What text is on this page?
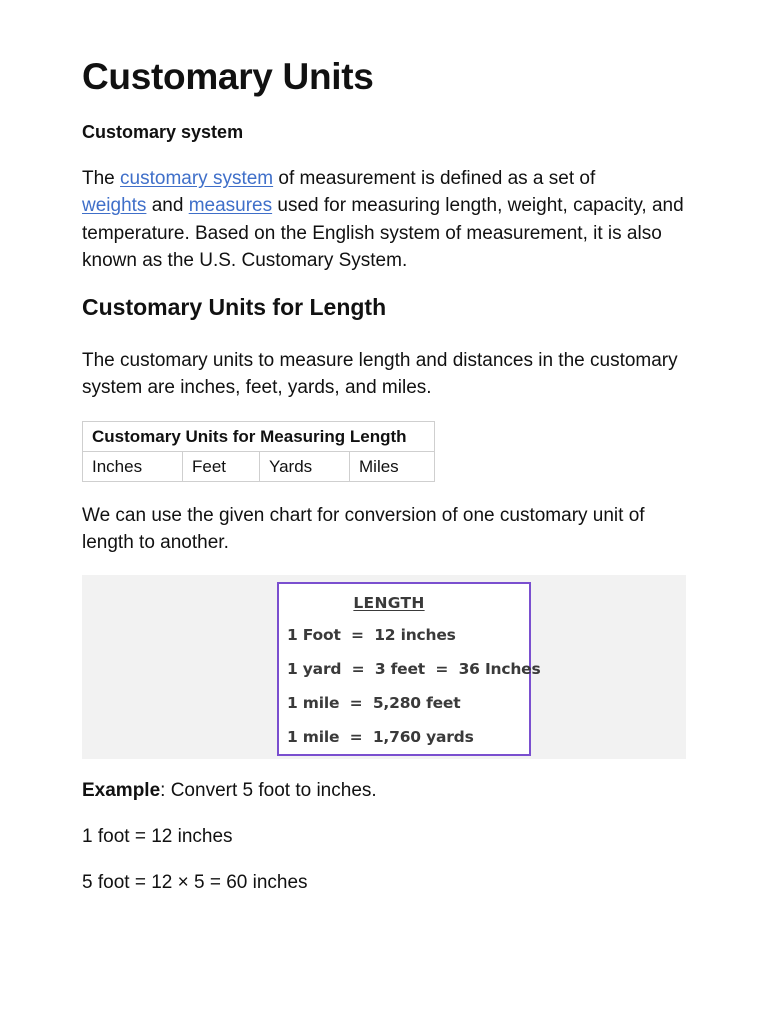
Customary Units

Customary system

The customary system of measurement is defined as a set of
weights and measures used for measuring length, weight, capacity, and temperature. Based on the English system of measurement, it is also known as the U.S. Customary System.

Customary Units for Length

The customary units to measure length and distances in the customary system are inches, feet, yards, and miles.

Customary Units for Measuring Length
Inches	Feet	Yards	Miles

We can use the given chart for conversion of one customary unit of length to another.

LENGTH
1 Foot  =  12 inches
1 yard  =  3 feet  =  36 Inches
1 mile  =  5,280 feet
1 mile  =  1,760 yards

Example: Convert 5 foot to inches.

1 foot = 12 inches

5 foot = 12 × 5 = 60 inches
